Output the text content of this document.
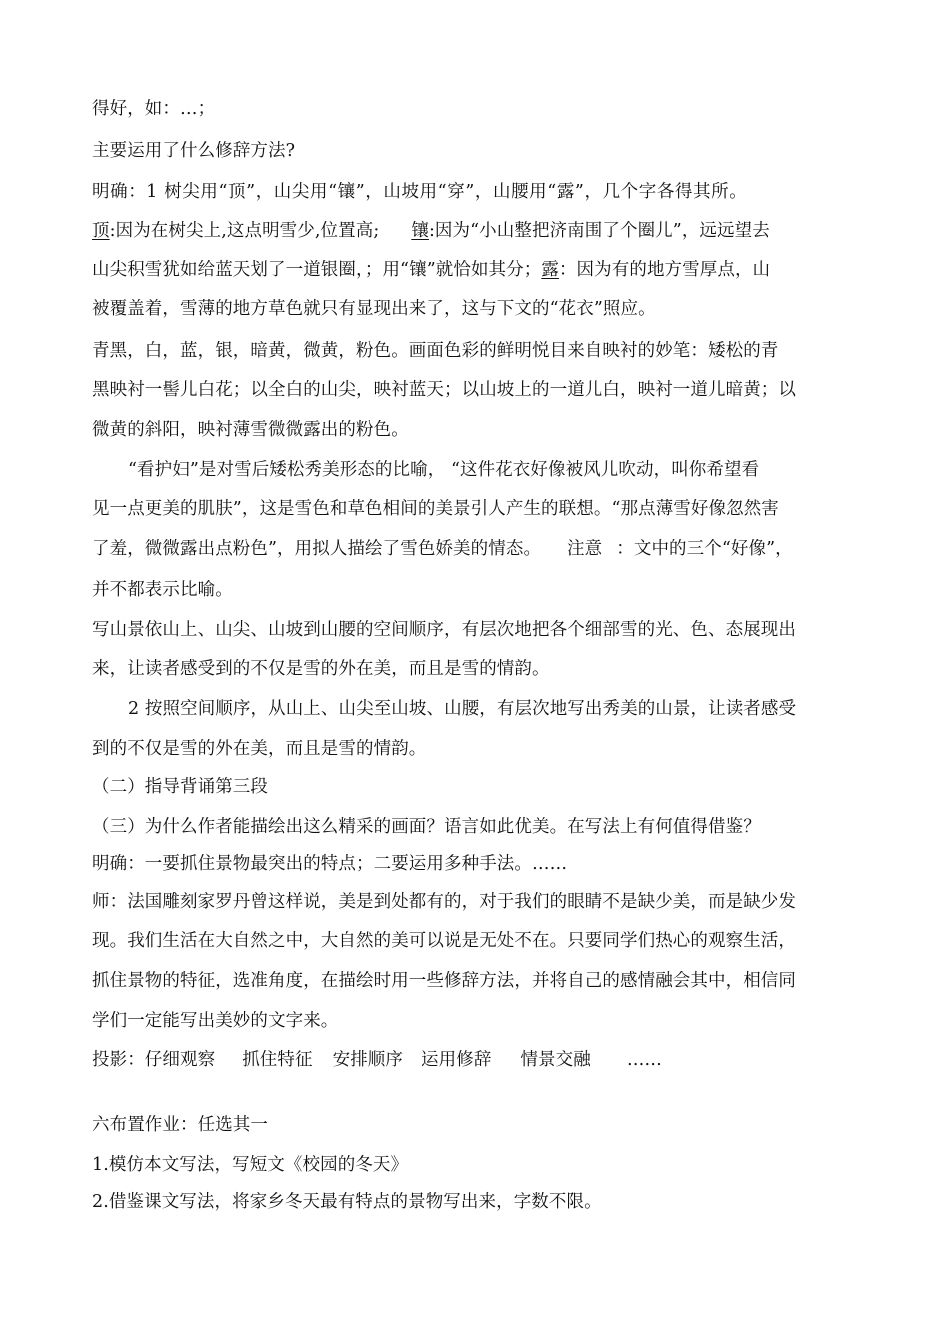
得好，如：…；
主要运用了什么修辞方法?
明确：1 树尖用“顶”，山尖用“镶”，山坡用“穿”，山腰用“露”，几个字各得其所。
顶:因为在树尖上,这点明雪少,位置高; 镶:因为“小山整把济南围了个圈儿”，远远望去
山尖积雪犹如给蓝天划了一道银圈，；用“镶”就恰如其分；露：因为有的地方雪厚点，山
被覆盖着，雪薄的地方草色就只有显现出来了，这与下文的“花衣”照应。
青黑，白，蓝，银，暗黄，微黄，粉色。画面色彩的鲜明悦目来自映衬的妙笔：矮松的青
黑映衬一髻儿白花；以全白的山尖，映衬蓝天；以山坡上的一道儿白，映衬一道儿暗黄；以
微黄的斜阳，映衬薄雪微微露出的粉色。
“看护妇”是对雪后矮松秀美形态的比喻， “这件花衣好像被风儿吹动，叫你希望看
见一点更美的肌肤”，这是雪色和草色相间的美景引人产生的联想。“那点薄雪好像忽然害
了羞，微微露出点粉色”，用拟人描绘了雪色娇美的情态。 注意 ：文中的三个“好像”，
并不都表示比喻。
写山景依山上、山尖、山坡到山腰的空间顺序，有层次地把各个细部雪的光、色、态展现出
来，让读者感受到的不仅是雪的外在美，而且是雪的情韵。
2 按照空间顺序，从山上、山尖至山坡、山腰，有层次地写出秀美的山景，让读者感受
到的不仅是雪的外在美，而且是雪的情韵。
（二）指导背诵第三段
（三）为什么作者能描绘出这么精采的画面？语言如此优美。在写法上有何值得借鉴？
明确：一要抓住景物最突出的特点；二要运用多种手法。……
师：法国雕刻家罗丹曾这样说，美是到处都有的，对于我们的眼睛不是缺少美，而是缺少发
现。我们生活在大自然之中，大自然的美可以说是无处不在。只要同学们热心的观察生活，
抓住景物的特征，选准角度，在描绘时用一些修辞方法，并将自己的感情融会其中，相信同
学们一定能写出美妙的文字来。
投影：仔细观察 抓住特征 安排顺序 运用修辞 情景交融 ……
六布置作业：任选其一
1.模仿本文写法，写短文《校园的冬天》
2.借鉴课文写法，将家乡冬天最有特点的景物写出来，字数不限。
